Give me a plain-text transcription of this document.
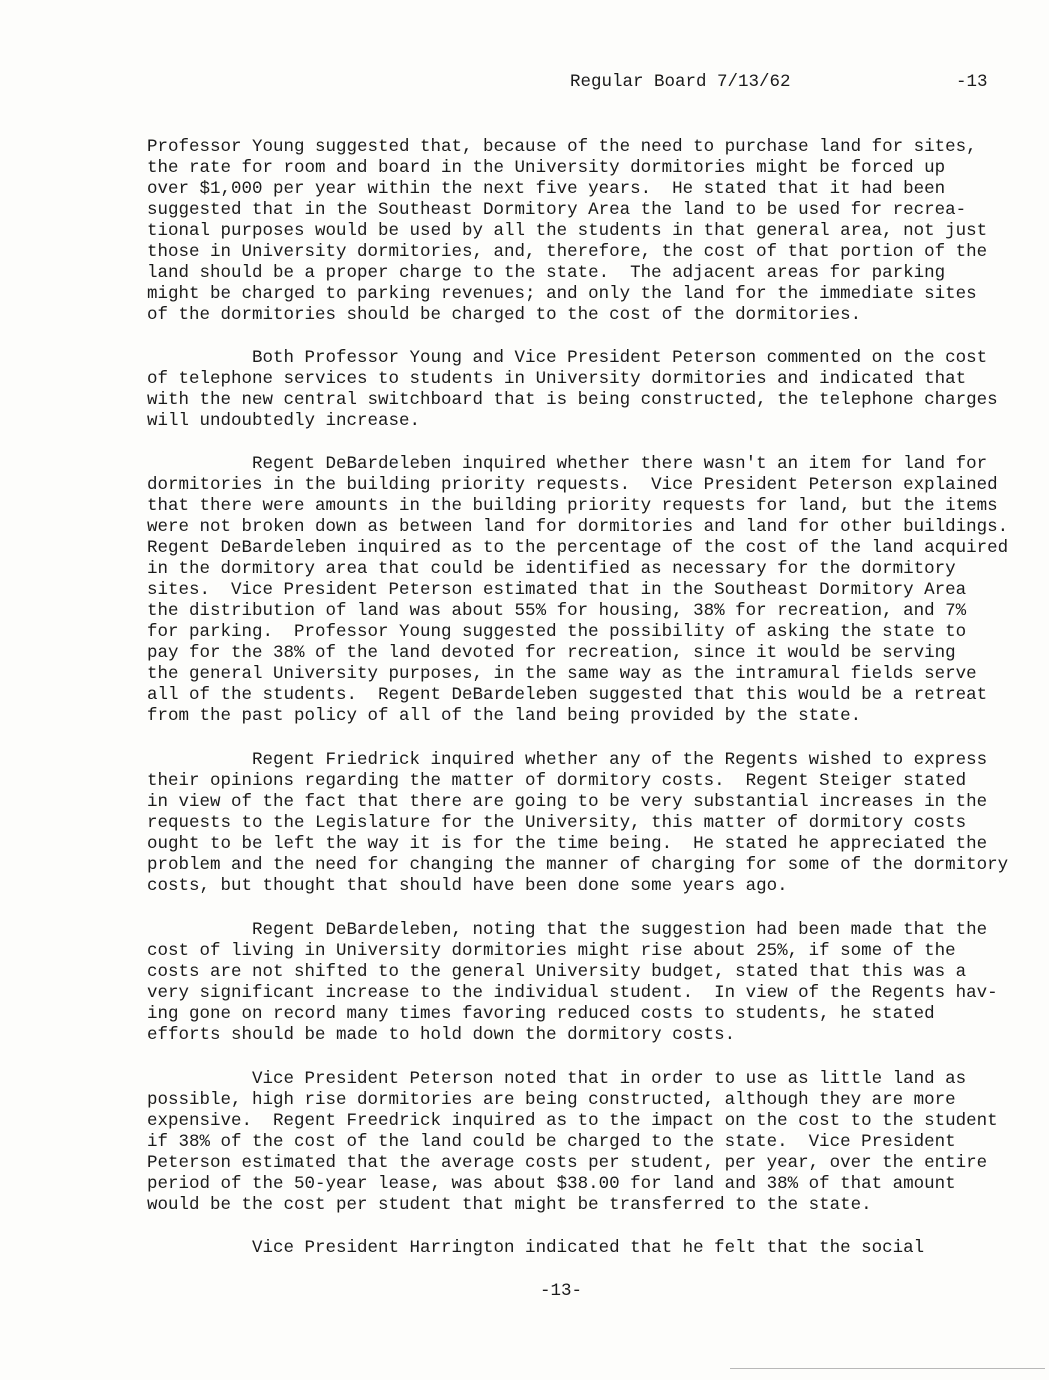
Regular Board 7/13/62	-13
Professor Young suggested that, because of the need to purchase land for sites,
the rate for room and board in the University dormitories might be forced up
over $1,000 per year within the next five years.  He stated that it had been
suggested that in the Southeast Dormitory Area the land to be used for recrea-
tional purposes would be used by all the students in that general area, not just
those in University dormitories, and, therefore, the cost of that portion of the
land should be a proper charge to the state.  The adjacent areas for parking
might be charged to parking revenues; and only the land for the immediate sites
of the dormitories should be charged to the cost of the dormitories.
Both Professor Young and Vice President Peterson commented on the cost
of telephone services to students in University dormitories and indicated that
with the new central switchboard that is being constructed, the telephone charges
will undoubtedly increase.
Regent DeBardeleben inquired whether there wasn't an item for land for
dormitories in the building priority requests.  Vice President Peterson explained
that there were amounts in the building priority requests for land, but the items
were not broken down as between land for dormitories and land for other buildings.
Regent DeBardeleben inquired as to the percentage of the cost of the land acquired
in the dormitory area that could be identified as necessary for the dormitory
sites.  Vice President Peterson estimated that in the Southeast Dormitory Area
the distribution of land was about 55% for housing, 38% for recreation, and 7%
for parking.  Professor Young suggested the possibility of asking the state to
pay for the 38% of the land devoted for recreation, since it would be serving
the general University purposes, in the same way as the intramural fields serve
all of the students.  Regent DeBardeleben suggested that this would be a retreat
from the past policy of all of the land being provided by the state.
Regent Friedrick inquired whether any of the Regents wished to express
their opinions regarding the matter of dormitory costs.  Regent Steiger stated
in view of the fact that there are going to be very substantial increases in the
requests to the Legislature for the University, this matter of dormitory costs
ought to be left the way it is for the time being.  He stated he appreciated the
problem and the need for changing the manner of charging for some of the dormitory
costs, but thought that should have been done some years ago.
Regent DeBardeleben, noting that the suggestion had been made that the
cost of living in University dormitories might rise about 25%, if some of the
costs are not shifted to the general University budget, stated that this was a
very significant increase to the individual student.  In view of the Regents hav-
ing gone on record many times favoring reduced costs to students, he stated
efforts should be made to hold down the dormitory costs.
Vice President Peterson noted that in order to use as little land as
possible, high rise dormitories are being constructed, although they are more
expensive.  Regent Freedrick inquired as to the impact on the cost to the student
if 38% of the cost of the land could be charged to the state.  Vice President
Peterson estimated that the average costs per student, per year, over the entire
period of the 50-year lease, was about $38.00 for land and 38% of that amount
would be the cost per student that might be transferred to the state.
Vice President Harrington indicated that he felt that the social
-13-
